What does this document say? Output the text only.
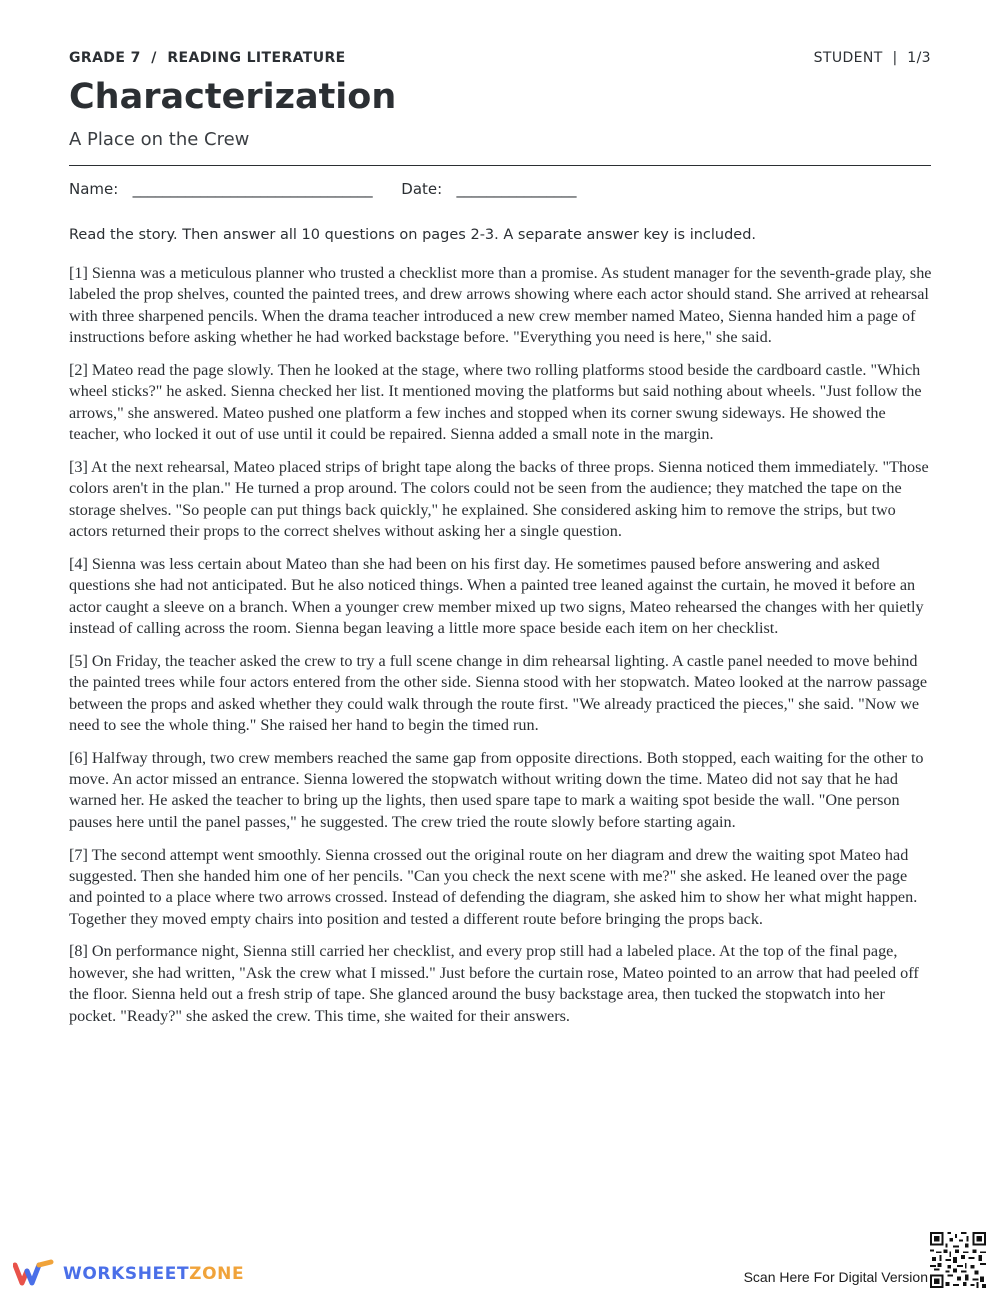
GRADE 7  /  READING LITERATURE	STUDENT  |  1/3
Characterization
A Place on the Crew
Name: ________________________________ Date: ________________
Read the story. Then answer all 10 questions on pages 2-3. A separate answer key is included.

[1] Sienna was a meticulous planner who trusted a checklist more than a promise. As student manager for the seventh-grade play, she labeled the prop shelves, counted the painted trees, and drew arrows showing where each actor should stand. She arrived at rehearsal with three sharpened pencils. When the drama teacher introduced a new crew member named Mateo, Sienna handed him a page of instructions before asking whether he had worked backstage before. "Everything you need is here," she said.

[2] Mateo read the page slowly. Then he looked at the stage, where two rolling platforms stood beside the cardboard castle. "Which wheel sticks?" he asked. Sienna checked her list. It mentioned moving the platforms but said nothing about wheels. "Just follow the arrows," she answered. Mateo pushed one platform a few inches and stopped when its corner swung sideways. He showed the teacher, who locked it out of use until it could be repaired. Sienna added a small note in the margin.

[3] At the next rehearsal, Mateo placed strips of bright tape along the backs of three props. Sienna noticed them immediately. "Those colors aren't in the plan." He turned a prop around. The colors could not be seen from the audience; they matched the tape on the storage shelves. "So people can put things back quickly," he explained. She considered asking him to remove the strips, but two actors returned their props to the correct shelves without asking her a single question.

[4] Sienna was less certain about Mateo than she had been on his first day. He sometimes paused before answering and asked questions she had not anticipated. But he also noticed things. When a painted tree leaned against the curtain, he moved it before an actor caught a sleeve on a branch. When a younger crew member mixed up two signs, Mateo rehearsed the changes with her quietly instead of calling across the room. Sienna began leaving a little more space beside each item on her checklist.

[5] On Friday, the teacher asked the crew to try a full scene change in dim rehearsal lighting. A castle panel needed to move behind the painted trees while four actors entered from the other side. Sienna stood with her stopwatch. Mateo looked at the narrow passage between the props and asked whether they could walk through the route first. "We already practiced the pieces," she said. "Now we need to see the whole thing." She raised her hand to begin the timed run.

[6] Halfway through, two crew members reached the same gap from opposite directions. Both stopped, each waiting for the other to move. An actor missed an entrance. Sienna lowered the stopwatch without writing down the time. Mateo did not say that he had warned her. He asked the teacher to bring up the lights, then used spare tape to mark a waiting spot beside the wall. "One person pauses here until the panel passes," he suggested. The crew tried the route slowly before starting again.

[7] The second attempt went smoothly. Sienna crossed out the original route on her diagram and drew the waiting spot Mateo had suggested. Then she handed him one of her pencils. "Can you check the next scene with me?" she asked. He leaned over the page and pointed to a place where two arrows crossed. Instead of defending the diagram, she asked him to show her what might happen. Together they moved empty chairs into position and tested a different route before bringing the props back.

[8] On performance night, Sienna still carried her checklist, and every prop still had a labeled place. At the top of the final page, however, she had written, "Ask the crew what I missed." Just before the curtain rose, Mateo pointed to an arrow that had peeled off the floor. Sienna held out a fresh strip of tape. She glanced around the busy backstage area, then tucked the stopwatch into her pocket. "Ready?" she asked the crew. This time, she waited for their answers.

WORKSHEETZONE	Scan Here For Digital Version
